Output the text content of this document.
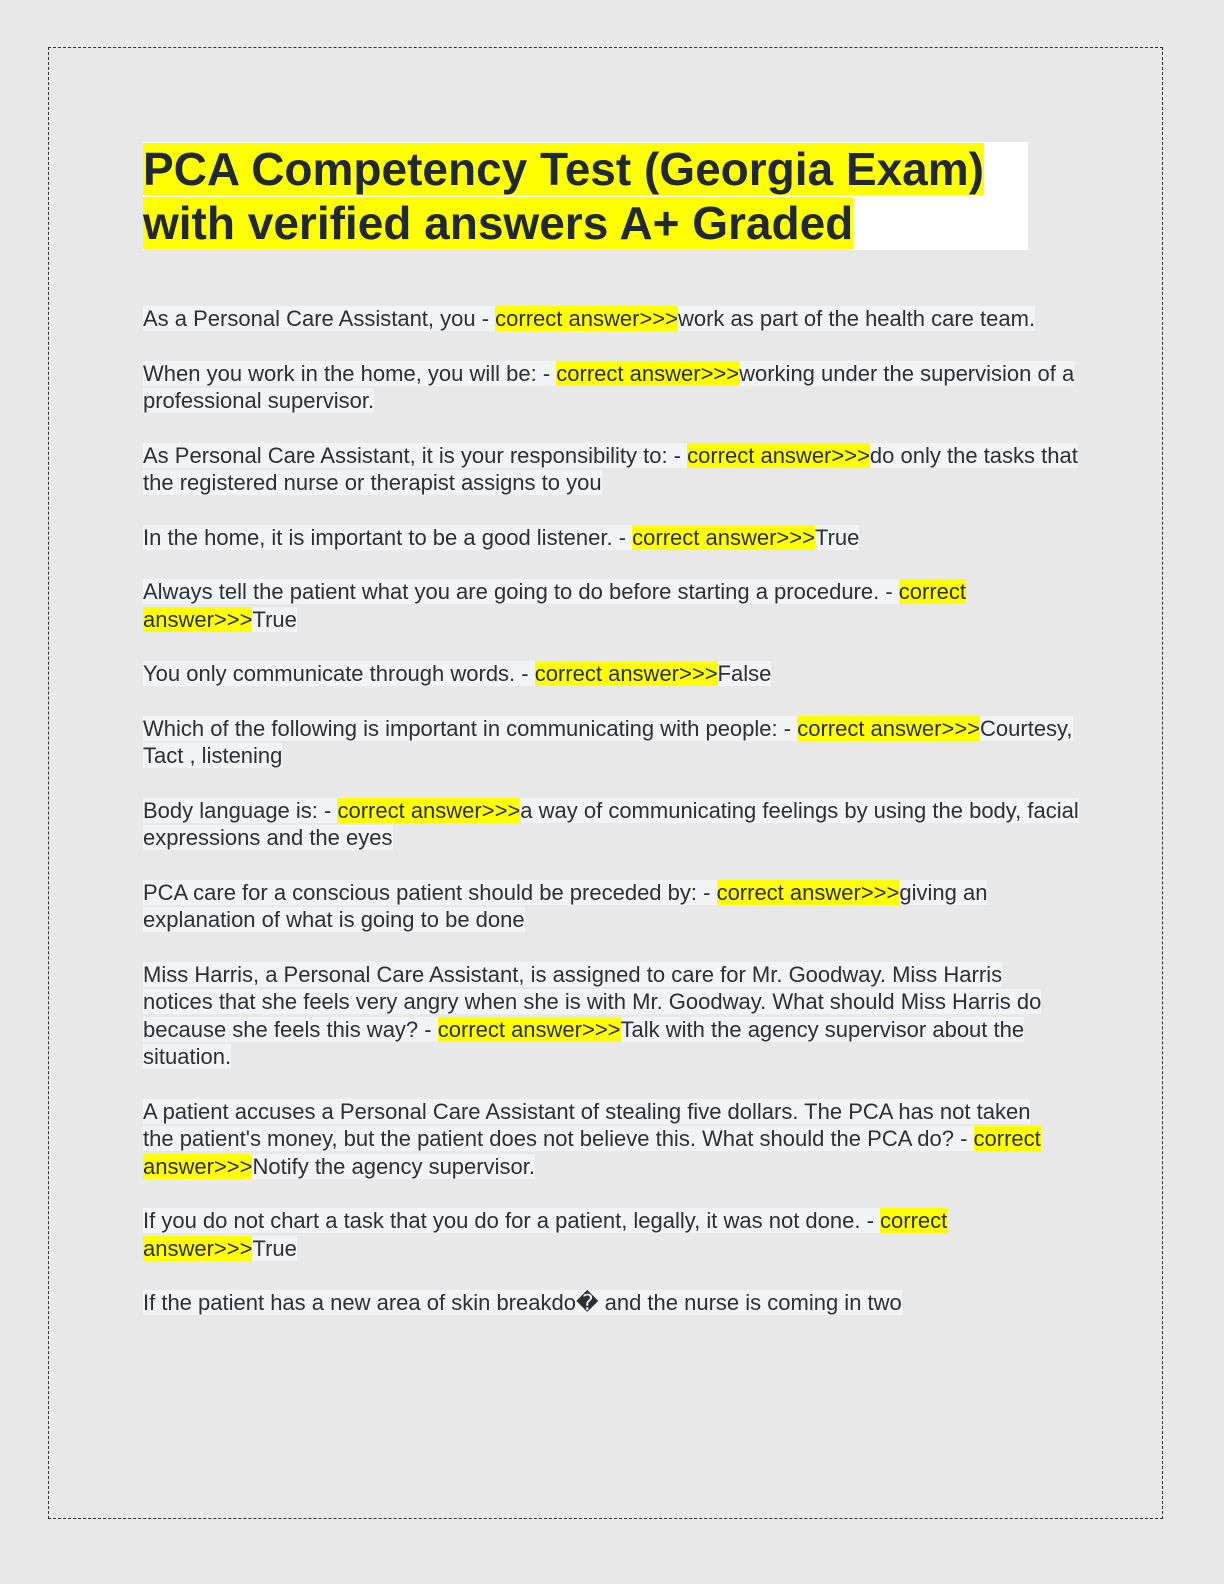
PCA Competency Test (Georgia Exam)
with verified answers A+ Graded

As a Personal Care Assistant, you - correct answer>>>work as part of the health care team.

When you work in the home, you will be: - correct answer>>>working under the supervision of a professional supervisor.

As Personal Care Assistant, it is your responsibility to: - correct answer>>>do only the tasks that the registered nurse or therapist assigns to you

In the home, it is important to be a good listener. - correct answer>>>True

Always tell the patient what you are going to do before starting a procedure. - correct answer>>>True

You only communicate through words. - correct answer>>>False

Which of the following is important in communicating with people: - correct answer>>>Courtesy, Tact , listening

Body language is: - correct answer>>>a way of communicating feelings by using the body, facial expressions and the eyes

PCA care for a conscious patient should be preceded by: - correct answer>>>giving an explanation of what is going to be done

Miss Harris, a Personal Care Assistant, is assigned to care for Mr. Goodway. Miss Harris
notices that she feels very angry when she is with Mr. Goodway. What should Miss Harris do because she feels this way? - correct answer>>>Talk with the agency supervisor about the situation.

A patient accuses a Personal Care Assistant of stealing five dollars. The PCA has not taken
the patient's money, but the patient does not believe this. What should the PCA do? - correct answer>>>Notify the agency supervisor.

If you do not chart a task that you do for a patient, legally, it was not done. - correct answer>>>True

If the patient has a new area of skin breakdo� and the nurse is coming in two
